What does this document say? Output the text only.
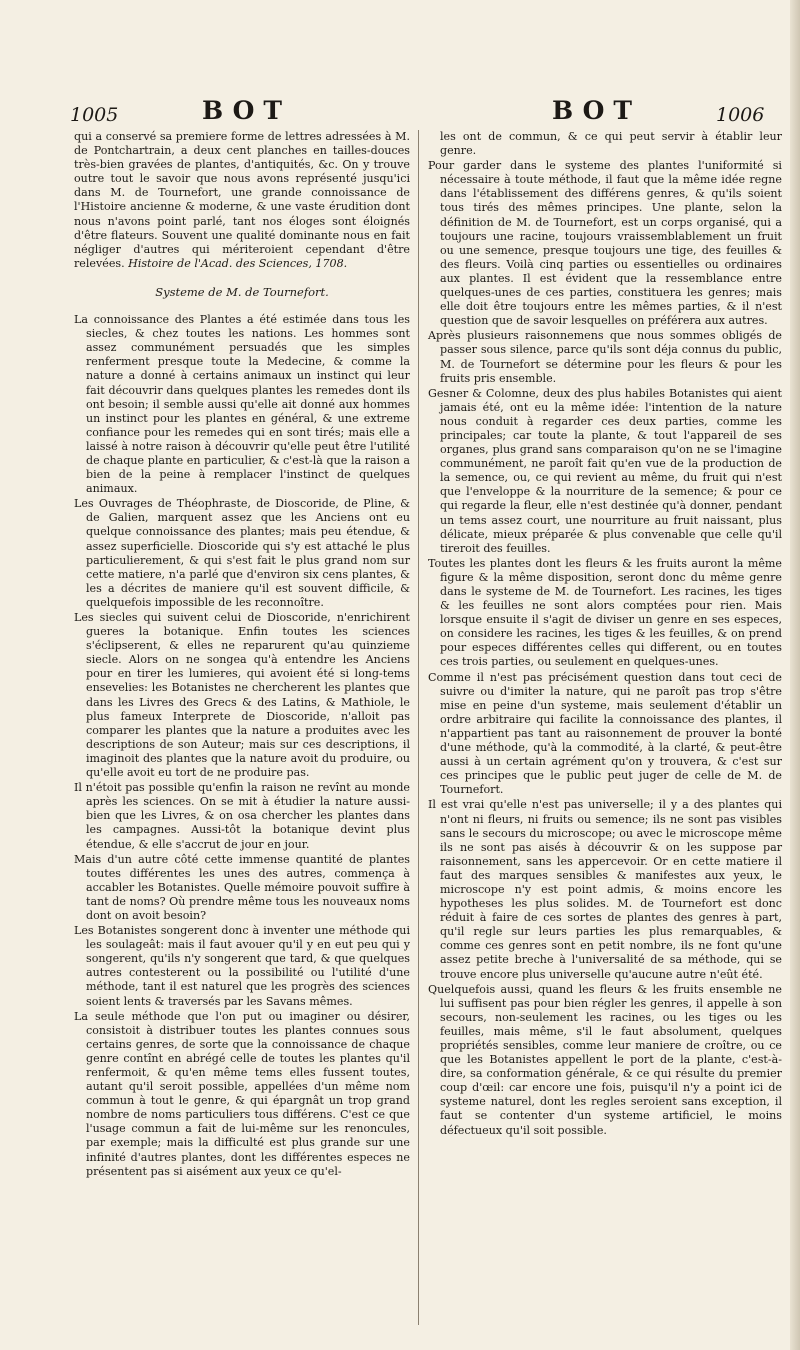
1005	BOT	BOT	1006

qui a conservé sa premiere forme de lettres adressées à M. de Pontchartrain, a deux cent planches en tailles-douces très-bien gravées de plantes, d'antiquités, &c. On y trouve outre tout le savoir que nous avons représenté jusqu'ici dans M. de Tournefort, une grande connoissance de l'Histoire ancienne & moderne, & une vaste érudition dont nous n'avons point parlé, tant nos éloges sont éloignés d'être flateurs. Souvent une qualité dominante nous en fait négliger d'autres qui mériteroient cependant d'être relevées. Histoire de l'Acad. des Sciences, 1708.

Systeme de M. de Tournefort.

La connoissance des Plantes a été estimée dans tous les siecles, & chez toutes les nations. Les hommes sont assez communément persuadés que les simples renferment presque toute la Medecine, & comme la nature a donné à certains animaux un instinct qui leur fait découvrir dans quelques plantes les remedes dont ils ont besoin; il semble aussi qu'elle ait donné aux hommes un instinct pour les plantes en général, & une extreme confiance pour les remedes qui en sont tirés; mais elle a laissé à notre raison à découvrir qu'elle peut être l'utilité de chaque plante en particulier, & c'est-là que la raison a bien de la peine à remplacer l'instinct de quelques animaux.

Les Ouvrages de Théophraste, de Dioscoride, de Pline, & de Galien, marquent assez que les Anciens ont eu quelque connoissance des plantes; mais peu étendue, & assez superficielle. Dioscoride qui s'y est attaché le plus particulierement, & qui s'est fait le plus grand nom sur cette matiere, n'a parlé que d'environ six cens plantes, & les a décrites de maniere qu'il est souvent difficile, & quelquefois impossible de les reconnoître.

Les siecles qui suivent celui de Dioscoride, n'enrichirent gueres la botanique. Enfin toutes les sciences s'éclipserent, & elles ne reparurent qu'au quinzieme siecle. Alors on ne songea qu'à entendre les Anciens pour en tirer les lumieres, qui avoient été si long-tems ensevelies: les Botanistes ne chercherent les plantes que dans les Livres des Grecs & des Latins, & Mathiole, le plus fameux Interprete de Dioscoride, n'alloit pas comparer les plantes que la nature a produites avec les descriptions de son Auteur; mais sur ces descriptions, il imaginoit des plantes que la nature avoit du produire, ou qu'elle avoit eu tort de ne produire pas.

Il n'étoit pas possible qu'enfin la raison ne revînt au monde après les sciences. On se mit à étudier la nature aussi-bien que les Livres, & on osa chercher les plantes dans les campagnes. Aussi-tôt la botanique devint plus étendue, & elle s'accrut de jour en jour.

Mais d'un autre côté cette immense quantité de plantes toutes différentes les unes des autres, commença à accabler les Botanistes. Quelle mémoire pouvoit suffire à tant de noms? Où prendre même tous les nouveaux noms dont on avoit besoin?

Les Botanistes songerent donc à inventer une méthode qui les soulageât: mais il faut avouer qu'il y en eut peu qui y songerent, qu'ils n'y songerent que tard, & que quelques autres contesterent ou la possibilité ou l'utilité d'une méthode, tant il est naturel que les progrès des sciences soient lents & traversés par les Savans mêmes.

La seule méthode que l'on put ou imaginer ou désirer, consistoit à distribuer toutes les plantes connues sous certains genres, de sorte que la connoissance de chaque genre contînt en abrégé celle de toutes les plantes qu'il renfermoit, & qu'en même tems elles fussent toutes, autant qu'il seroit possible, appellées d'un même nom commun à tout le genre, & qui épargnât un trop grand nombre de noms particuliers tous différens. C'est ce que l'usage commun a fait de lui-même sur les renoncules, par exemple; mais la difficulté est plus grande sur une infinité d'autres plantes, dont les différentes especes ne présentent pas si aisément aux yeux ce qu'el-

les ont de commun, & ce qui peut servir à établir leur genre.

Pour garder dans le systeme des plantes l'uniformité si nécessaire à toute méthode, il faut que la même idée regne dans l'établissement des différens genres, & qu'ils soient tous tirés des mêmes principes. Une plante, selon la définition de M. de Tournefort, est un corps organisé, qui a toujours une racine, toujours vraissemblablement un fruit ou une semence, presque toujours une tige, des feuilles & des fleurs. Voilà cinq parties ou essentielles ou ordinaires aux plantes. Il est évident que la ressemblance entre quelques-unes de ces parties, constituera les genres; mais elle doit être toujours entre les mêmes parties, & il n'est question que de savoir lesquelles on préférera aux autres.

Après plusieurs raisonnemens que nous sommes obligés de passer sous silence, parce qu'ils sont déja connus du public, M. de Tournefort se détermine pour les fleurs & pour les fruits pris ensemble.

Gesner & Colomne, deux des plus habiles Botanistes qui aient jamais été, ont eu la même idée: l'intention de la nature nous conduit à regarder ces deux parties, comme les principales; car toute la plante, & tout l'appareil de ses organes, plus grand sans comparaison qu'on ne se l'imagine communément, ne paroît fait qu'en vue de la production de la semence, ou, ce qui revient au même, du fruit qui n'est que l'enveloppe & la nourriture de la semence; & pour ce qui regarde la fleur, elle n'est destinée qu'à donner, pendant un tems assez court, une nourriture au fruit naissant, plus délicate, mieux préparée & plus convenable que celle qu'il tireroit des feuilles.

Toutes les plantes dont les fleurs & les fruits auront la même figure & la même disposition, seront donc du même genre dans le systeme de M. de Tournefort. Les racines, les tiges & les feuilles ne sont alors comptées pour rien. Mais lorsque ensuite il s'agit de diviser un genre en ses especes, on considere les racines, les tiges & les feuilles, & on prend pour especes différentes celles qui different, ou en toutes ces trois parties, ou seulement en quelques-unes.

Comme il n'est pas précisément question dans tout ceci de suivre ou d'imiter la nature, qui ne paroît pas trop s'être mise en peine d'un systeme, mais seulement d'établir un ordre arbitraire qui facilite la connoissance des plantes, il n'appartient pas tant au raisonnement de prouver la bonté d'une méthode, qu'à la commodité, à la clarté, & peut-être aussi à un certain agrément qu'on y trouvera, & c'est sur ces principes que le public peut juger de celle de M. de Tournefort.

Il est vrai qu'elle n'est pas universelle; il y a des plantes qui n'ont ni fleurs, ni fruits ou semence; ils ne sont pas visibles sans le secours du microscope; ou avec le microscope même ils ne sont pas aisés à découvrir & on les suppose par raisonnement, sans les appercevoir. Or en cette matiere il faut des marques sensibles & manifestes aux yeux, le microscope n'y est point admis, & moins encore les hypotheses les plus solides. M. de Tournefort est donc réduit à faire de ces sortes de plantes des genres à part, qu'il regle sur leurs parties les plus remarquables, & comme ces genres sont en petit nombre, ils ne font qu'une assez petite breche à l'universalité de sa méthode, qui se trouve encore plus universelle qu'aucune autre n'eût été.

Quelquefois aussi, quand les fleurs & les fruits ensemble ne lui suffisent pas pour bien régler les genres, il appelle à son secours, non-seulement les racines, ou les tiges ou les feuilles, mais même, s'il le faut absolument, quelques propriétés sensibles, comme leur maniere de croître, ou ce que les Botanistes appellent le port de la plante, c'est-à-dire, sa conformation générale, & ce qui résulte du premier coup d'œil: car encore une fois, puisqu'il n'y a point ici de systeme naturel, dont les regles seroient sans exception, il faut se contenter d'un systeme artificiel, le moins défectueux qu'il soit possible.
